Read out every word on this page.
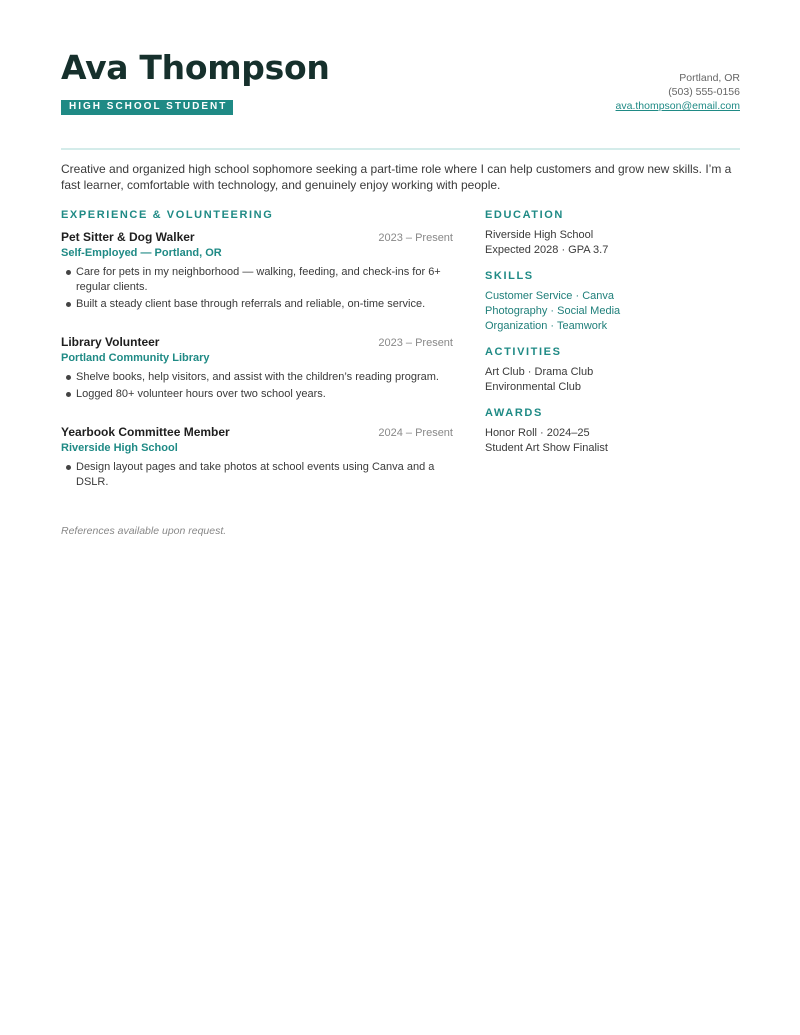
Ava Thompson
HIGH SCHOOL STUDENT
Portland, OR
(503) 555-0156
ava.thompson@email.com
Creative and organized high school sophomore seeking a part-time role where I can help customers and grow new skills. I’m a fast learner, comfortable with technology, and genuinely enjoy working with people.
EXPERIENCE & VOLUNTEERING
Pet Sitter & Dog Walker	2023 – Present
Self-Employed — Portland, OR
Care for pets in my neighborhood — walking, feeding, and check-ins for 6+ regular clients.
Built a steady client base through referrals and reliable, on-time service.
Library Volunteer	2023 – Present
Portland Community Library
Shelve books, help visitors, and assist with the children’s reading program.
Logged 80+ volunteer hours over two school years.
Yearbook Committee Member	2024 – Present
Riverside High School
Design layout pages and take photos at school events using Canva and a DSLR.
EDUCATION
Riverside High School
Expected 2028 · GPA 3.7
SKILLS
Customer Service · Canva
Photography · Social Media
Organization · Teamwork
ACTIVITIES
Art Club · Drama Club
Environmental Club
AWARDS
Honor Roll · 2024–25
Student Art Show Finalist
References available upon request.
